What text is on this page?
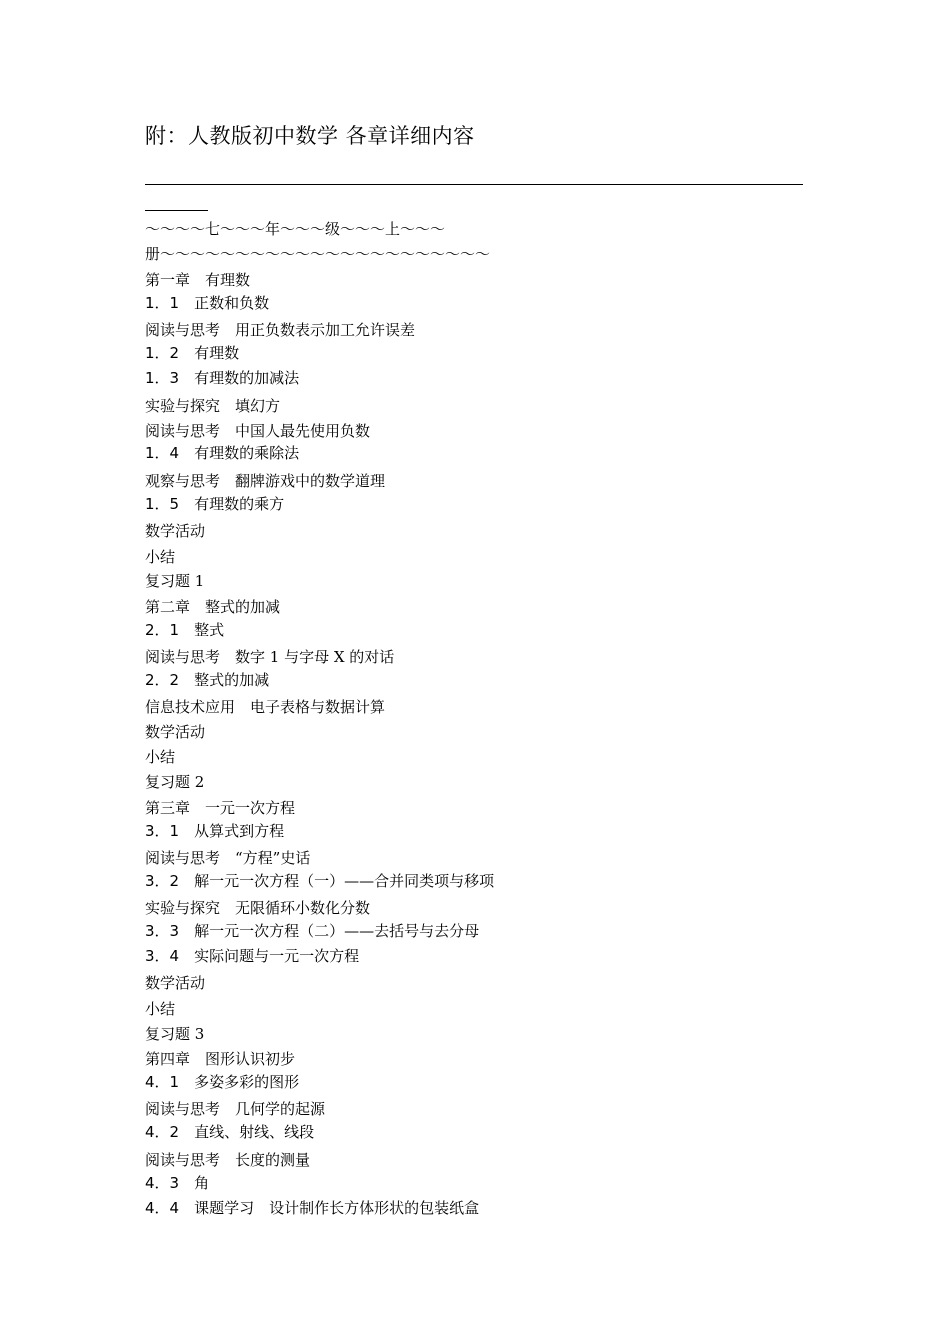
附：人教版初中数学 各章详细内容
～～～～七～～～年～～～级～～～上～～～
册～～～～～～～～～～～～～～～～～～～～～～
第一章　有理数
1．1　正数和负数
阅读与思考　用正负数表示加工允许误差
1．2　有理数
1．3　有理数的加减法
实验与探究　填幻方
阅读与思考　中国人最先使用负数
1．4　有理数的乘除法
观察与思考　翻牌游戏中的数学道理
1．5　有理数的乘方
数学活动
小结
复习题 1
第二章　整式的加减
2．1　整式
阅读与思考　数字 1 与字母 X 的对话
2．2　整式的加减
信息技术应用　电子表格与数据计算
数学活动
小结
复习题 2
第三章　一元一次方程
3．1　从算式到方程
阅读与思考　“方程”史话
3．2　解一元一次方程（一）——合并同类项与移项
实验与探究　无限循环小数化分数
3．3　解一元一次方程（二）——去括号与去分母
3．4　实际问题与一元一次方程
数学活动
小结
复习题 3
第四章　图形认识初步
4．1　多姿多彩的图形
阅读与思考　几何学的起源
4．2　直线、射线、线段
阅读与思考　长度的测量
4．3　角
4．4　课题学习　设计制作长方体形状的包装纸盒
